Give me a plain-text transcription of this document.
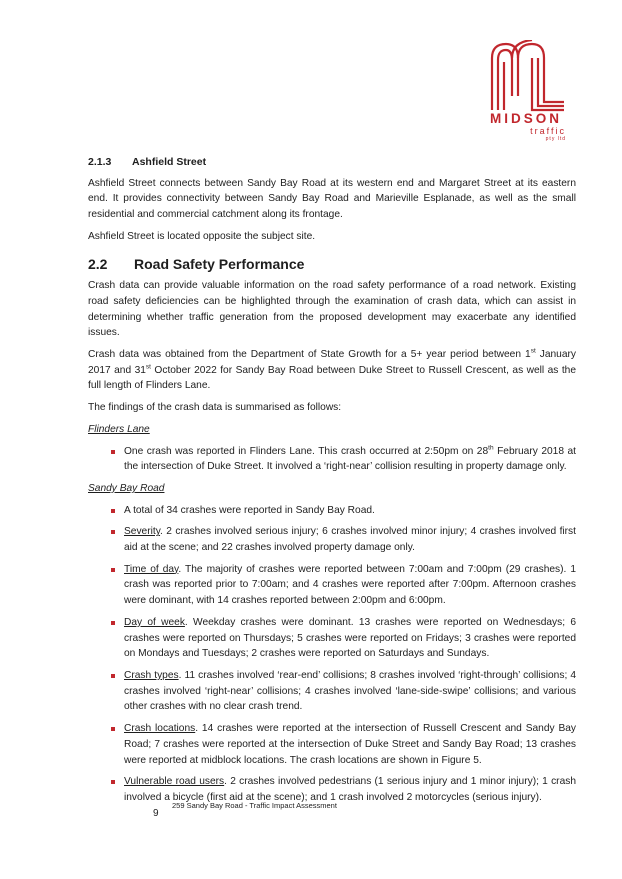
MIDSON
traffic
pty ltd
2.1.3	Ashfield Street

Ashfield Street connects between Sandy Bay Road at its western end and Margaret Street at its eastern end. It provides connectivity between Sandy Bay Road and Marieville Esplanade, as well as the small residential and commercial catchment along its frontage.

Ashfield Street is located opposite the subject site.

2.2	Road Safety Performance

Crash data can provide valuable information on the road safety performance of a road network. Existing road safety deficiencies can be highlighted through the examination of crash data, which can assist in determining whether traffic generation from the proposed development may exacerbate any identified issues.

Crash data was obtained from the Department of State Growth for a 5+ year period between 1st January 2017 and 31st October 2022 for Sandy Bay Road between Duke Street to Russell Crescent, as well as the full length of Flinders Lane.

The findings of the crash data is summarised as follows:

Flinders Lane
One crash was reported in Flinders Lane. This crash occurred at 2:50pm on 28th February 2018 at the intersection of Duke Street. It involved a ‘right-near’ collision resulting in property damage only.
Sandy Bay Road
A total of 34 crashes were reported in Sandy Bay Road.
Severity. 2 crashes involved serious injury; 6 crashes involved minor injury; 4 crashes involved first aid at the scene; and 22 crashes involved property damage only.
Time of day. The majority of crashes were reported between 7:00am and 7:00pm (29 crashes). 1 crash was reported prior to 7:00am; and 4 crashes were reported after 7:00pm. Afternoon crashes were dominant, with 14 crashes reported between 2:00pm and 6:00pm.
Day of week. Weekday crashes were dominant. 13 crashes were reported on Wednesdays; 6 crashes were reported on Thursdays; 5 crashes were reported on Fridays; 3 crashes were reported on Mondays and Tuesdays; 2 crashes were reported on Saturdays and Sundays.
Crash types. 11 crashes involved ‘rear-end’ collisions; 8 crashes involved ‘right-through’ collisions; 4 crashes involved ‘right-near’ collisions; 4 crashes involved ‘lane-side-swipe’ collisions; and various other crashes with no clear crash trend.
Crash locations. 14 crashes were reported at the intersection of Russell Crescent and Sandy Bay Road; 7 crashes were reported at the intersection of Duke Street and Sandy Bay Road; 13 crashes were reported at midblock locations. The crash locations are shown in Figure 5.
Vulnerable road users. 2 crashes involved pedestrians (1 serious injury and 1 minor injury); 1 crash involved a bicycle (first aid at the scene); and 1 crash involved 2 motorcycles (serious injury).
259 Sandy Bay Road - Traffic Impact Assessment
9
